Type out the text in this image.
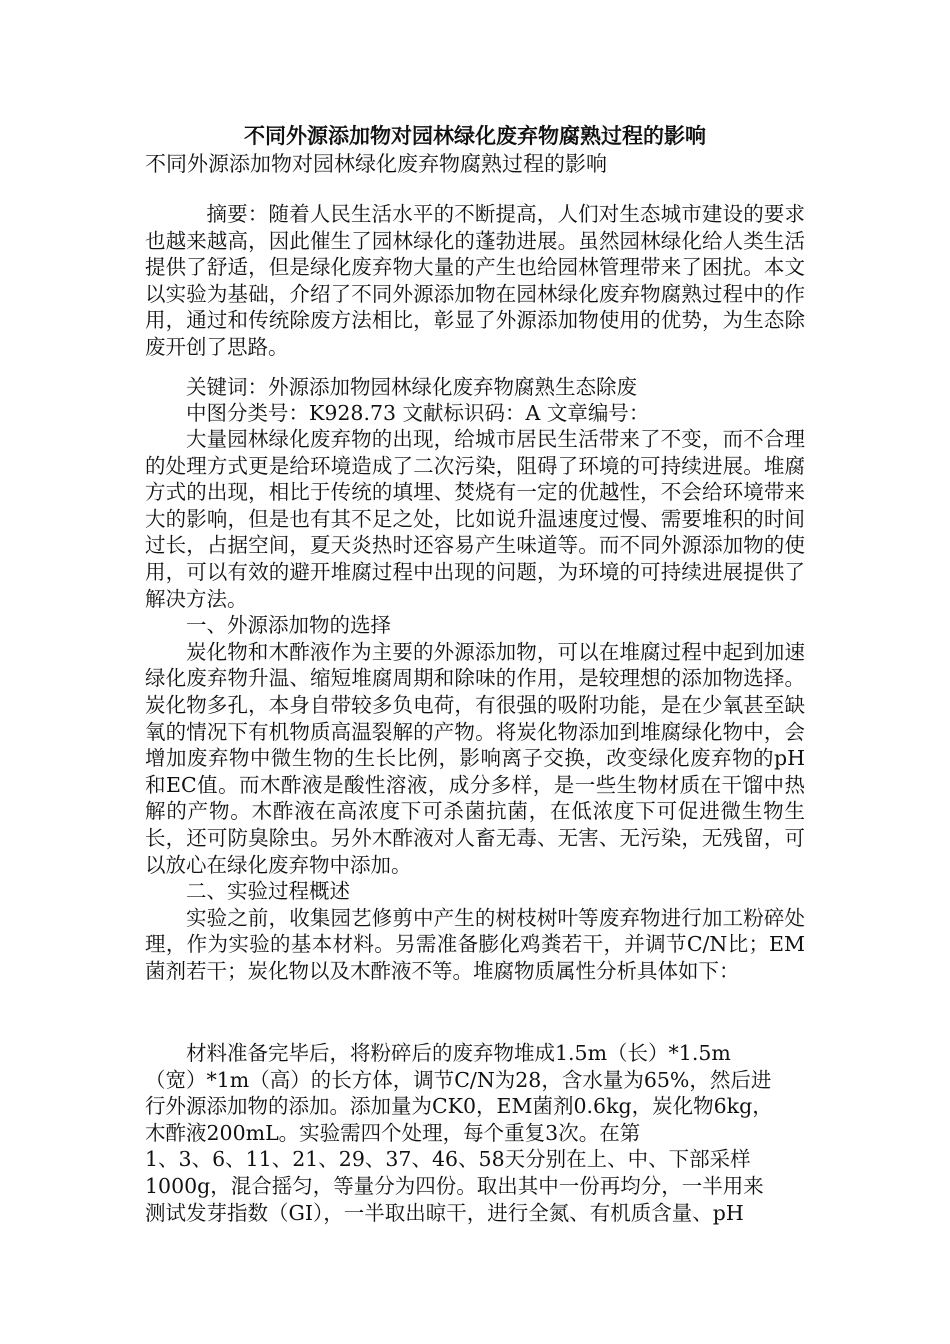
不同外源添加物对园林绿化废弃物腐熟过程的影响
不同外源添加物对园林绿化废弃物腐熟过程的影响

摘要：随着人民生活水平的不断提高，人们对生态城市建设的要求也越来越高，因此催生了园林绿化的蓬勃进展。虽然园林绿化给人类生活提供了舒适，但是绿化废弃物大量的产生也给园林管理带来了困扰。本文以实验为基础，介绍了不同外源添加物在园林绿化废弃物腐熟过程中的作用，通过和传统除废方法相比，彰显了外源添加物使用的优势，为生态除废开创了思路。

关键词：外源添加物园林绿化废弃物腐熟生态除废

中图分类号：K928.73 文献标识码：A 文章编号：

大量园林绿化废弃物的出现，给城市居民生活带来了不变，而不合理的处理方式更是给环境造成了二次污染，阻碍了环境的可持续进展。堆腐方式的出现，相比于传统的填埋、焚烧有一定的优越性，不会给环境带来大的影响，但是也有其不足之处，比如说升温速度过慢、需要堆积的时间过长，占据空间，夏天炎热时还容易产生味道等。而不同外源添加物的使用，可以有效的避开堆腐过程中出现的问题，为环境的可持续进展提供了解决方法。

一、外源添加物的选择

炭化物和木酢液作为主要的外源添加物，可以在堆腐过程中起到加速绿化废弃物升温、缩短堆腐周期和除味的作用，是较理想的添加物选择。炭化物多孔，本身自带较多负电荷，有很强的吸附功能，是在少氧甚至缺氧的情况下有机物质高温裂解的产物。将炭化物添加到堆腐绿化物中，会增加废弃物中微生物的生长比例，影响离子交换，改变绿化废弃物的pH和EC值。而木酢液是酸性溶液，成分多样，是一些生物材质在干馏中热解的产物。木酢液在高浓度下可杀菌抗菌，在低浓度下可促进微生物生长，还可防臭除虫。另外木酢液对人畜无毒、无害、无污染，无残留，可以放心在绿化废弃物中添加。

二、实验过程概述

实验之前，收集园艺修剪中产生的树枝树叶等废弃物进行加工粉碎处理，作为实验的基本材料。另需准备膨化鸡粪若干，并调节C/N比；EM菌剂若干；炭化物以及木酢液不等。堆腐物质属性分析具体如下：

　　材料准备完毕后，将粉碎后的废弃物堆成1.5m（长）*1.5m

（宽）*1m（高）的长方体，调节C/N为28，含水量为65%，然后进

行外源添加物的添加。添加量为CK0，EM菌剂0.6kg，炭化物6kg，

木酢液200mL。实验需四个处理，每个重复3次。在第

1、3、6、11、21、29、37、46、58天分别在上、中、下部采样

1000g，混合摇匀，等量分为四份。取出其中一份再均分，一半用来

测试发芽指数（GI），一半取出晾干，进行全氮、有机质含量、pH
